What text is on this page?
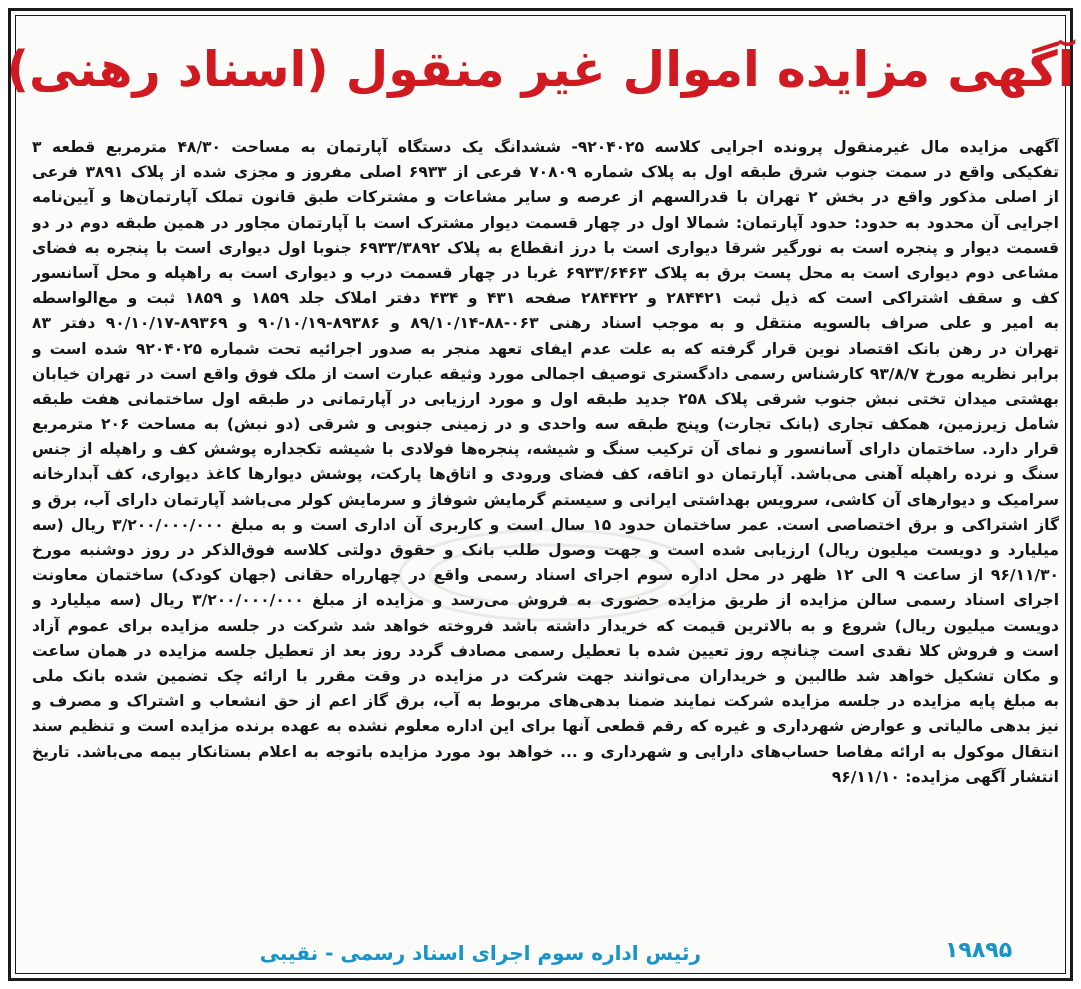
آگهی مزایده اموال غیر منقول (اسناد رهنی)
آگهی مزایده مال غیرمنقول پرونده اجرایی کلاسه ۹۲۰۴۰۲۵- ششدانگ یک دستگاه آپارتمان به مساحت ۴۸/۳۰ مترمربع قطعه ۳
تفکیکی واقع در سمت جنوب شرق طبقه اول به پلاک شماره ۷۰۸۰۹ فرعی از ۶۹۳۳ اصلی مفروز و مجزی شده از پلاک ۳۸۹۱ فرعی
از اصلی مذکور واقع در بخش ۲ تهران با قدرالسهم از عرصه و سایر مشاعات و مشترکات طبق قانون تملک آپارتمان‌ها و آیین‌نامه
اجرایی آن محدود به حدود: حدود آپارتمان: شمالا اول در چهار قسمت دیوار مشترک است با آپارتمان مجاور در همین طبقه دوم در دو
قسمت دیوار و پنجره است به نورگیر شرقا دیواری است با درز انقطاع به پلاک ۶۹۳۳/۳۸۹۲ جنوبا اول دیواری است با پنجره به فضای
مشاعی دوم دیواری است به محل پست برق به پلاک ۶۹۳۳/۶۴۶۳ غربا در چهار قسمت درب و دیواری است به راهپله و محل آسانسور
کف و سقف اشتراکی است که ذیل ثبت ۲۸۴۴۲۱ و ۲۸۴۴۲۲ صفحه ۴۳۱ و ۴۳۴ دفتر املاک جلد ۱۸۵۹ و ۱۸۵۹ ثبت و مع‌الواسطه
به امیر و علی صراف بالسویه منتقل و به موجب اسناد رهنی ۰۶۳-۸۸-۸۹/۱۰/۱۴ و ۸۹۳۸۶-۹۰/۱۰/۱۹ و ۸۹۳۶۹-۹۰/۱۰/۱۷ دفتر ۸۳
تهران در رهن بانک اقتصاد نوین قرار گرفته که به علت عدم ایفای تعهد منجر به صدور اجرائیه تحت شماره ۹۲۰۴۰۲۵ شده است و
برابر نظریه مورخ ۹۳/۸/۷ کارشناس رسمی دادگستری توصیف اجمالی مورد وثیقه عبارت است از ملک فوق واقع است در تهران خیابان
بهشتی میدان تختی نبش جنوب شرقی پلاک ۲۵۸ جدید طبقه اول و مورد ارزیابی در آپارتمانی در طبقه اول ساختمانی هفت طبقه
شامل زیرزمین، همکف تجاری (بانک تجارت) وپنج طبقه سه واحدی و در زمینی جنوبی و شرقی (دو نبش) به مساحت ۲۰۶ مترمربع
قرار دارد. ساختمان دارای آسانسور و نمای آن ترکیب سنگ و شیشه، پنجره‌ها فولادی با شیشه تکجداره پوشش کف و راهپله از جنس
سنگ و نرده راهپله آهنی می‌باشد. آپارتمان دو اتاقه، کف فضای ورودی و اتاق‌ها پارکت، پوشش دیوارها کاغذ دیواری، کف آبدارخانه
سرامیک و دیوارهای آن کاشی، سرویس بهداشتی ایرانی و سیستم گرمایش شوفاژ و سرمایش کولر می‌باشد آپارتمان دارای آب، برق و
گاز اشتراکی و برق اختصاصی است. عمر ساختمان حدود ۱۵ سال است و کاربری آن اداری است و به مبلغ ۳/۲۰۰/۰۰۰/۰۰۰ ریال (سه
میلیارد و دویست میلیون ریال) ارزیابی شده است و جهت وصول طلب بانک و حقوق دولتی کلاسه فوق‌الذکر در روز دوشنبه مورخ
۹۶/۱۱/۳۰ از ساعت ۹ الی ۱۲ ظهر در محل اداره سوم اجرای اسناد رسمی واقع در چهارراه حقانی (جهان کودک) ساختمان معاونت
اجرای اسناد رسمی سالن مزایده از طریق مزایده حضوری به فروش می‌رسد و مزایده از مبلغ ۳/۲۰۰/۰۰۰/۰۰۰ ریال (سه میلیارد و
دویست میلیون ریال) شروع و به بالاترین قیمت که خریدار داشته باشد فروخته خواهد شد شرکت در جلسه مزایده برای عموم آزاد
است و فروش کلا نقدی است چنانچه روز تعیین شده با تعطیل رسمی مصادف گردد روز بعد از تعطیل جلسه مزایده در همان ساعت
و مکان تشکیل خواهد شد طالبین و خریداران می‌توانند جهت شرکت در مزایده در وقت مقرر با ارائه چک تضمین شده بانک ملی
به مبلغ پایه مزایده در جلسه مزایده شرکت نمایند ضمنا بدهی‌های مربوط به آب، برق گاز اعم از حق انشعاب و اشتراک و مصرف و
نیز بدهی مالیاتی و عوارض شهرداری و غیره که رقم قطعی آنها برای این اداره معلوم نشده به عهده برنده مزایده است و تنظیم سند
انتقال موکول به ارائه مفاصا حساب‌های دارایی و شهرداری و ... خواهد بود مورد مزایده باتوجه به اعلام بستانکار بیمه می‌باشد. تاریخ
انتشار آگهی مزایده: ۹۶/۱۱/۱۰
رئیس اداره سوم اجرای اسناد رسمی - نقیبی	۱۹۸۹۵
